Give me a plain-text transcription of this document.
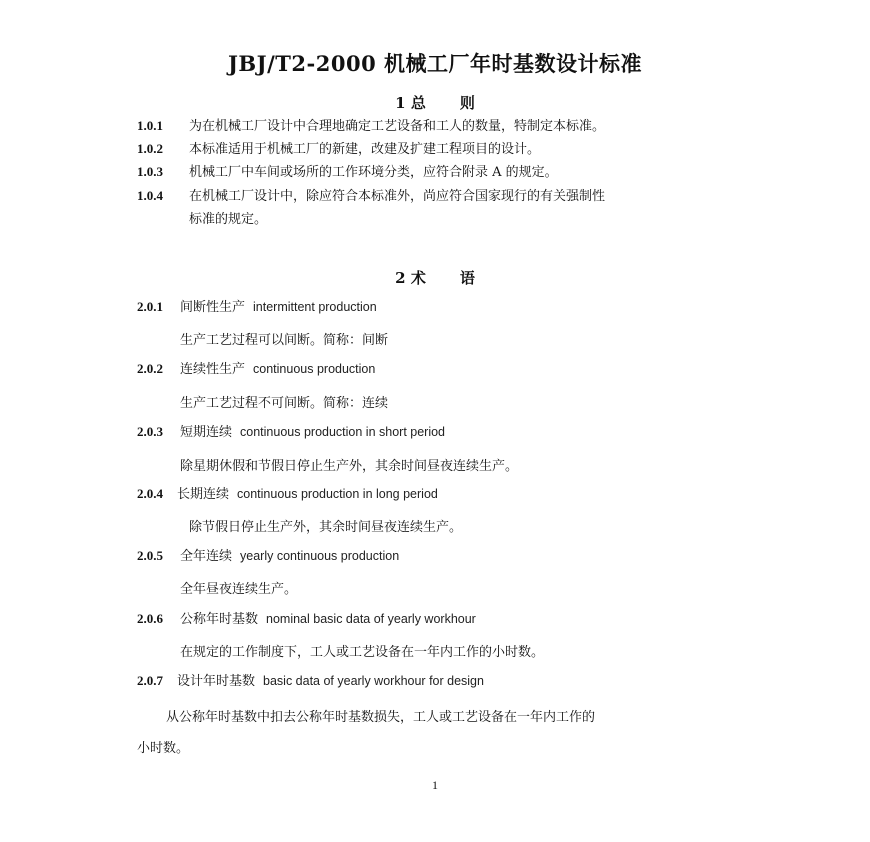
JBJ/T2-2000 机械工厂年时基数设计标准
1 总 则
1.0.1 为在机械工厂设计中合理地确定工艺设备和工人的数量，特制定本标准。
1.0.2 本标准适用于机械工厂的新建，改建及扩建工程项目的设计。
1.0.3 机械工厂中车间或场所的工作环境分类，应符合附录 A 的规定。
1.0.4 在机械工厂设计中，除应符合本标准外，尚应符合国家现行的有关强制性
标准的规定。
2 术 语
2.0.1 间断性生产 intermittent production
生产工艺过程可以间断。简称：间断
2.0.2 连续性生产 continuous production
生产工艺过程不可间断。简称：连续
2.0.3 短期连续 continuous production in short period
除星期休假和节假日停止生产外，其余时间昼夜连续生产。
2.0.4 长期连续 continuous production in long period
除节假日停止生产外，其余时间昼夜连续生产。
2.0.5 全年连续 yearly continuous production
全年昼夜连续生产。
2.0.6 公称年时基数 nominal basic data of yearly workhour
在规定的工作制度下，工人或工艺设备在一年内工作的小时数。
2.0.7 设计年时基数 basic data of yearly workhour for design
从公称年时基数中扣去公称年时基数损失，工人或工艺设备在一年内工作的
小时数。
1
